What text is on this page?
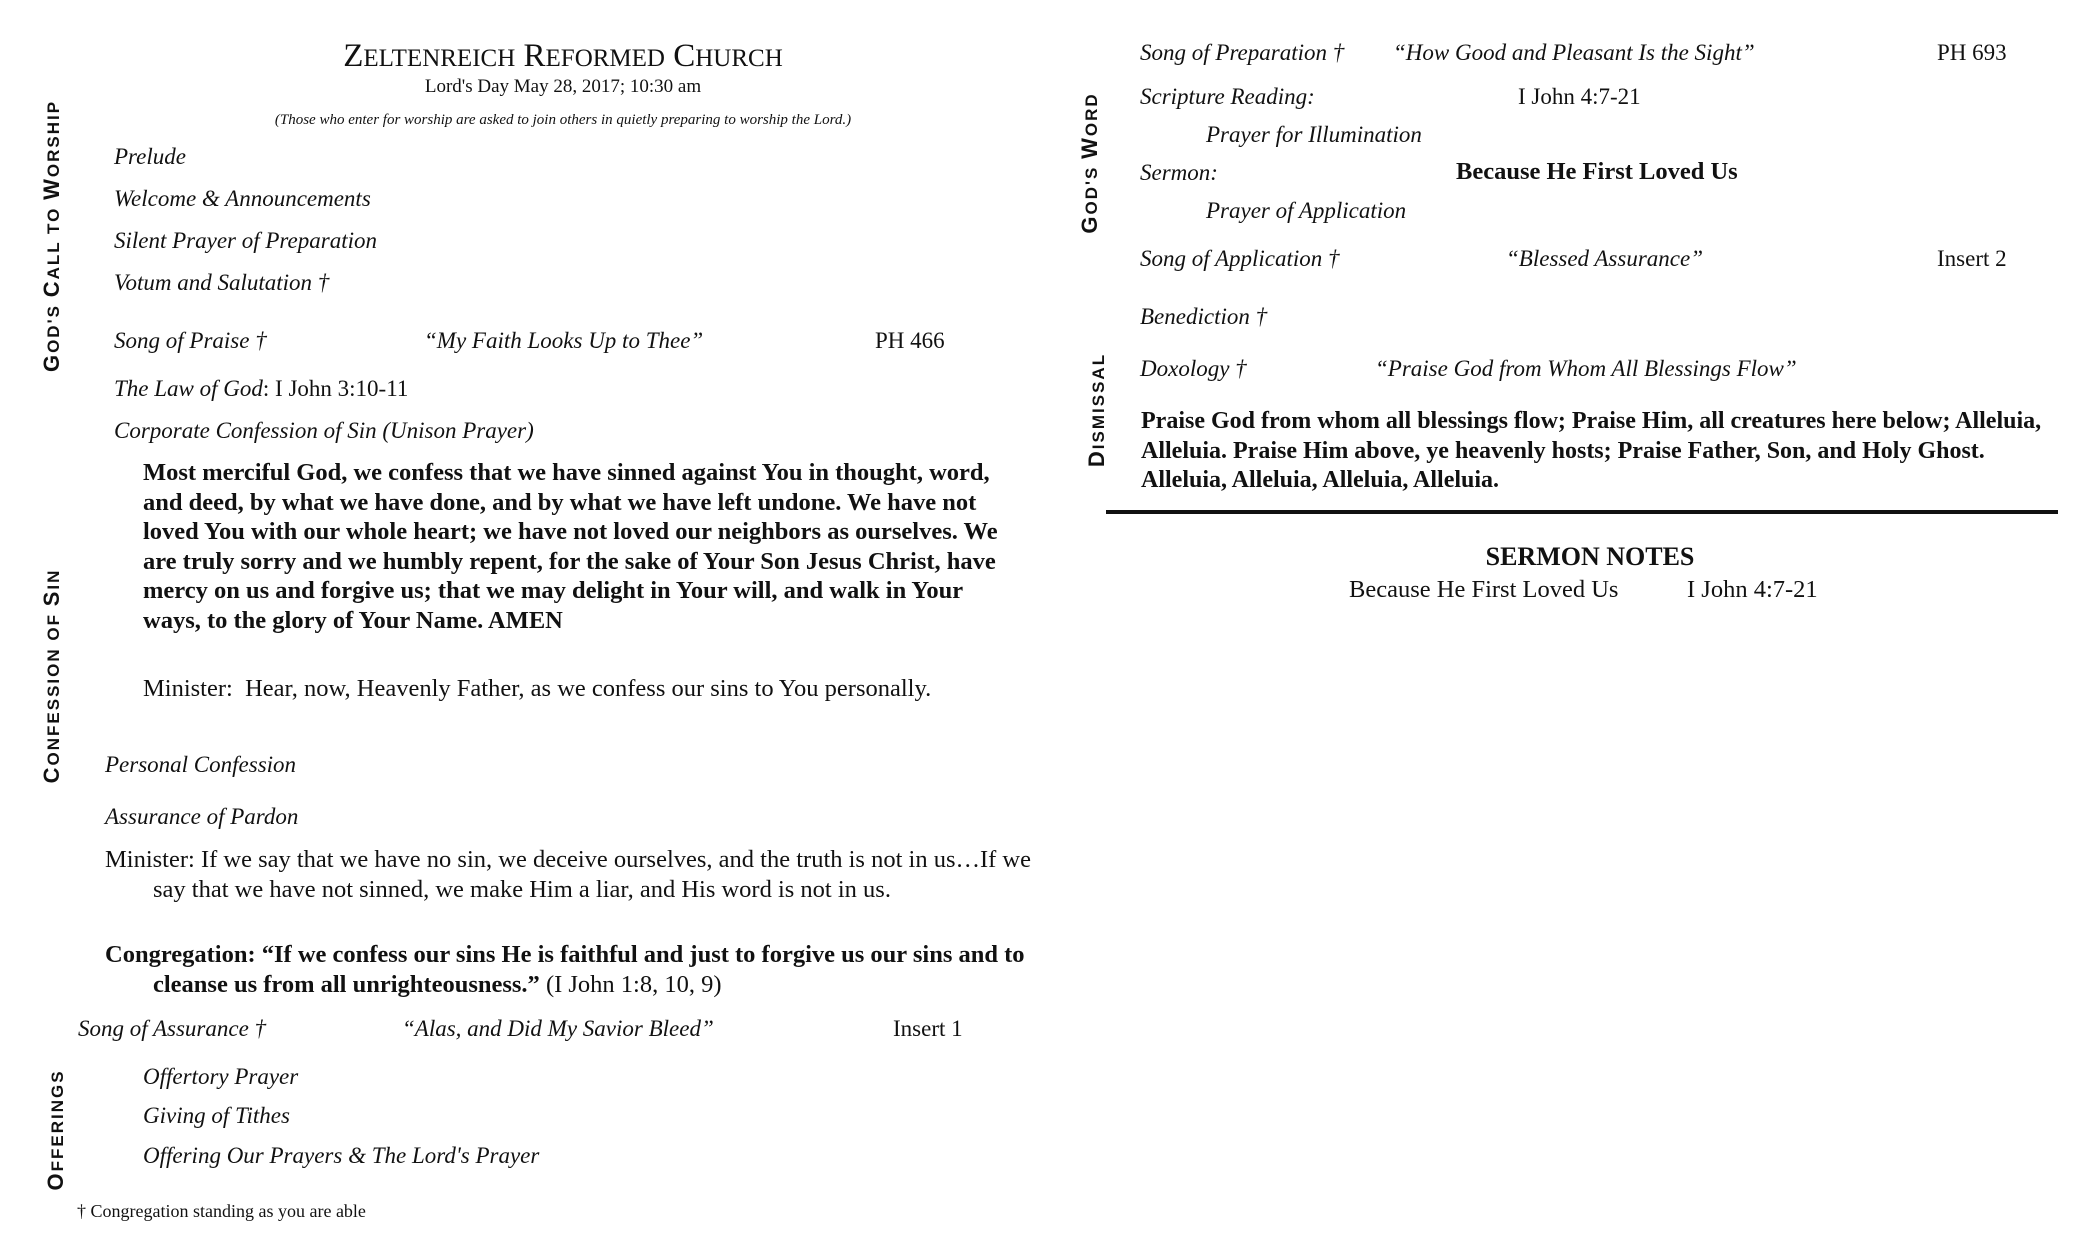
ZELTENREICH REFORMED CHURCH
Lord's Day May 28, 2017; 10:30 am
(Those who enter for worship are asked to join others in quietly preparing to worship the Lord.)
GOD'S CALL TO WORSHIP
CONFESSION OF SIN
OFFERINGS
GOD'S WORD
DISMISSAL
Prelude
Welcome & Announcements
Silent Prayer of Preparation
Votum and Salutation †
Song of Praise †	“My Faith Looks Up to Thee”	PH 466
The Law of God: I John 3:10-11
Corporate Confession of Sin (Unison Prayer)
Most merciful God, we confess that we have sinned against You in thought, word, and deed, by what we have done, and by what we have left undone. We have not loved You with our whole heart; we have not loved our neighbors as ourselves. We are truly sorry and we humbly repent, for the sake of Your Son Jesus Christ, have mercy on us and forgive us; that we may delight in Your will, and walk in Your ways, to the glory of Your Name. AMEN
Minister:  Hear, now, Heavenly Father, as we confess our sins to You personally.
Personal Confession
Assurance of Pardon
Minister: If we say that we have no sin, we deceive ourselves, and the truth is not in us…If we say that we have not sinned, we make Him a liar, and His word is not in us.
Congregation: “If we confess our sins He is faithful and just to forgive us our sins and to cleanse us from all unrighteousness.” (I John 1:8, 10, 9)
Song of Assurance †	“Alas, and Did My Savior Bleed”	Insert 1
Offertory Prayer
Giving of Tithes
Offering Our Prayers & The Lord's Prayer
† Congregation standing as you are able
Song of Preparation † “How Good and Pleasant Is the Sight”	PH 693
Scripture Reading:	I John 4:7-21
Prayer for Illumination
Sermon:	Because He First Loved Us
Prayer of Application
Song of Application †	“Blessed Assurance”	Insert 2
Benediction †
Doxology †	“Praise God from Whom All Blessings Flow”
Praise God from whom all blessings flow; Praise Him, all creatures here below; Alleluia, Alleluia. Praise Him above, ye heavenly hosts; Praise Father, Son, and Holy Ghost. Alleluia, Alleluia, Alleluia, Alleluia.
SERMON NOTES
Because He First Loved Us	I John 4:7-21
